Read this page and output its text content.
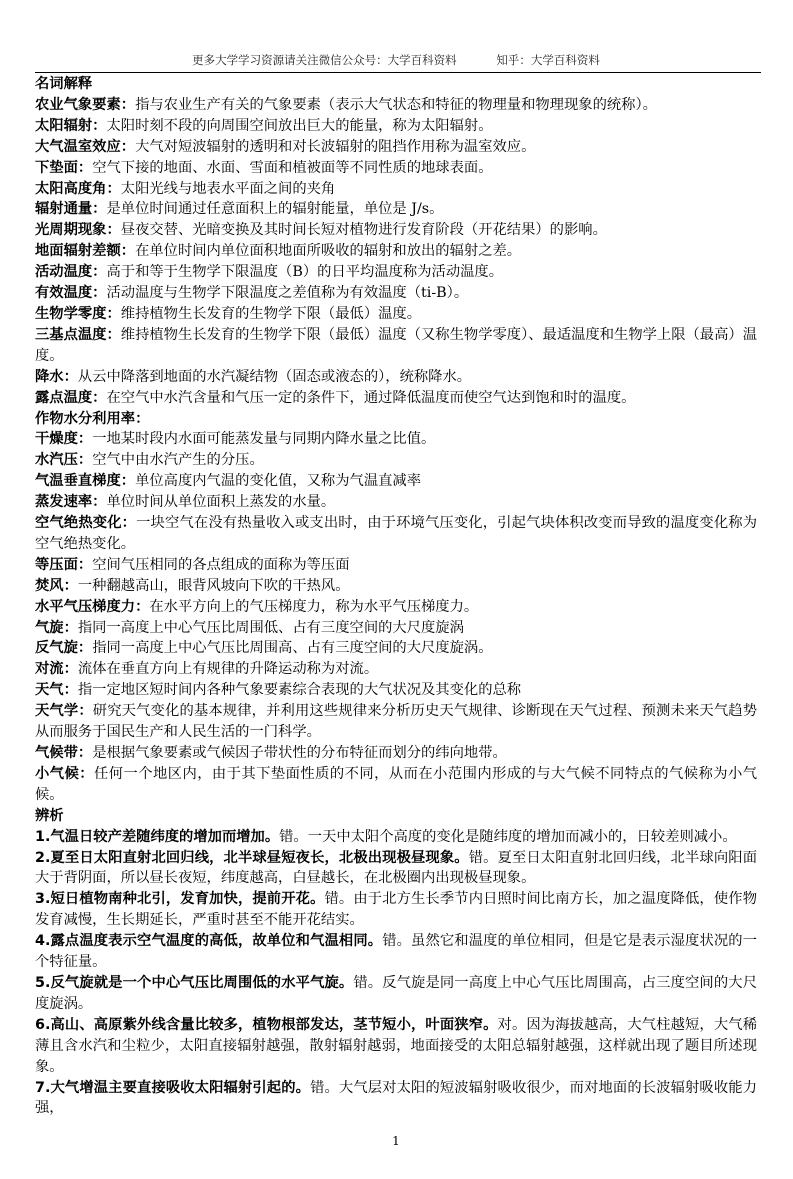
更多大学学习资源请关注微信公众号：大学百科资料	知乎：大学百科资料

名词解释

农业气象要素：指与农业生产有关的气象要素（表示大气状态和特征的物理量和物理现象的统称）。

太阳辐射：太阳时刻不段的向周围空间放出巨大的能量，称为太阳辐射。

大气温室效应：大气对短波辐射的透明和对长波辐射的阻挡作用称为温室效应。

下垫面：空气下接的地面、水面、雪面和植被面等不同性质的地球表面。

太阳高度角：太阳光线与地表水平面之间的夹角

辐射通量：是单位时间通过任意面积上的辐射能量，单位是 J/s。

光周期现象：昼夜交替、光暗变换及其时间长短对植物进行发育阶段（开花结果）的影响。

地面辐射差额：在单位时间内单位面积地面所吸收的辐射和放出的辐射之差。

活动温度：高于和等于生物学下限温度（B）的日平均温度称为活动温度。

有效温度：活动温度与生物学下限温度之差值称为有效温度（ti-B）。

生物学零度：维持植物生长发育的生物学下限（最低）温度。

三基点温度：维持植物生长发育的生物学下限（最低）温度（又称生物学零度）、最适温度和生物学上限（最高）温度。

降水：从云中降落到地面的水汽凝结物（固态或液态的），统称降水。

露点温度：在空气中水汽含量和气压一定的条件下，通过降低温度而使空气达到饱和时的温度。

作物水分利用率：

干燥度：一地某时段内水面可能蒸发量与同期内降水量之比值。

水汽压：空气中由水汽产生的分压。

气温垂直梯度：单位高度内气温的变化值，又称为气温直减率

蒸发速率：单位时间从单位面积上蒸发的水量。

空气绝热变化：一块空气在没有热量收入或支出时，由于环境气压变化，引起气块体积改变而导致的温度变化称为空气绝热变化。

等压面：空间气压相同的各点组成的面称为等压面

焚风：一种翻越高山，眼背风坡向下吹的干热风。

水平气压梯度力：在水平方向上的气压梯度力，称为水平气压梯度力。

气旋：指同一高度上中心气压比周围低、占有三度空间的大尺度旋涡

反气旋：指同一高度上中心气压比周围高、占有三度空间的大尺度旋涡。

对流：流体在垂直方向上有规律的升降运动称为对流。

天气：指一定地区短时间内各种气象要素综合表现的大气状况及其变化的总称

天气学：研究天气变化的基本规律，并利用这些规律来分析历史天气规律、诊断现在天气过程、预测未来天气趋势从而服务于国民生产和人民生活的一门科学。

气候带：是根据气象要素或气候因子带状性的分布特征而划分的纬向地带。

小气候：任何一个地区内，由于其下垫面性质的不同，从而在小范围内形成的与大气候不同特点的气候称为小气候。

辨析

1.气温日较产差随纬度的增加而增加。错。一天中太阳个高度的变化是随纬度的增加而减小的，日较差则减小。

2.夏至日太阳直射北回归线，北半球昼短夜长，北极出现极昼现象。错。夏至日太阳直射北回归线，北半球向阳面大于背阴面，所以昼长夜短，纬度越高，白昼越长，在北极圈内出现极昼现象。

3.短日植物南种北引，发育加快，提前开花。错。由于北方生长季节内日照时间比南方长，加之温度降低，使作物发育减慢，生长期延长，严重时甚至不能开花结实。

4.露点温度表示空气温度的高低，故单位和气温相同。错。虽然它和温度的单位相同，但是它是表示湿度状况的一个特征量。

5.反气旋就是一个中心气压比周围低的水平气旋。错。反气旋是同一高度上中心气压比周围高，占三度空间的大尺度旋涡。

6.高山、高原紫外线含量比较多，植物根部发达，茎节短小，叶面狭窄。对。因为海拔越高，大气柱越短，大气稀薄且含水汽和尘粒少，太阳直接辐射越强，散射辐射越弱，地面接受的太阳总辐射越强，这样就出现了题目所述现象。

7.大气增温主要直接吸收太阳辐射引起的。错。大气层对太阳的短波辐射吸收很少，而对地面的长波辐射吸收能力强，

1
